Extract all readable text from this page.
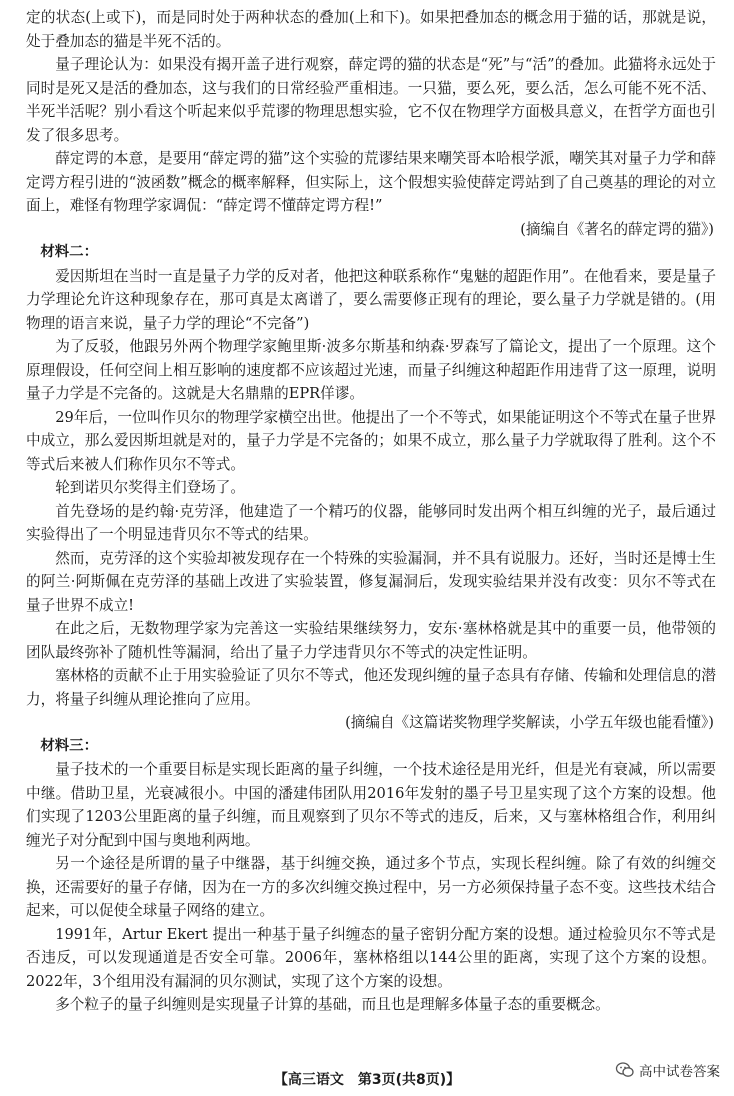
定的状态(上或下)，而是同时处于两种状态的叠加(上和下)。如果把叠加态的概念用于猫的话，那就是说，处于叠加态的猫是半死不活的。

量子理论认为：如果没有揭开盖子进行观察，薛定谔的猫的状态是“死”与“活”的叠加。此猫将永远处于同时是死又是活的叠加态，这与我们的日常经验严重相违。一只猫，要么死，要么活，怎么可能不死不活、半死半活呢？别小看这个听起来似乎荒谬的物理思想实验，它不仅在物理学方面极具意义，在哲学方面也引发了很多思考。

薛定谔的本意，是要用“薛定谔的猫”这个实验的荒谬结果来嘲笑哥本哈根学派，嘲笑其对量子力学和薛定谔方程引进的“波函数”概念的概率解释，但实际上，这个假想实验使薛定谔站到了自己奠基的理论的对立面上，难怪有物理学家调侃：“薛定谔不懂薛定谔方程!”

(摘编自《著名的薛定谔的猫》)

材料二：

爱因斯坦在当时一直是量子力学的反对者，他把这种联系称作“鬼魅的超距作用”。在他看来，要是量子力学理论允许这种现象存在，那可真是太离谱了，要么需要修正现有的理论，要么量子力学就是错的。(用物理的语言来说，量子力学的理论“不完备”)

为了反驳，他跟另外两个物理学家鲍里斯·波多尔斯基和纳森·罗森写了篇论文，提出了一个原理。这个原理假设，任何空间上相互影响的速度都不应该超过光速，而量子纠缠这种超距作用违背了这一原理，说明量子力学是不完备的。这就是大名鼎鼎的EPR佯谬。

29年后，一位叫作贝尔的物理学家横空出世。他提出了一个不等式，如果能证明这个不等式在量子世界中成立，那么爱因斯坦就是对的，量子力学是不完备的；如果不成立，那么量子力学就取得了胜利。这个不等式后来被人们称作贝尔不等式。

轮到诺贝尔奖得主们登场了。

首先登场的是约翰·克劳泽，他建造了一个精巧的仪器，能够同时发出两个相互纠缠的光子，最后通过实验得出了一个明显违背贝尔不等式的结果。

然而，克劳泽的这个实验却被发现存在一个特殊的实验漏洞，并不具有说服力。还好，当时还是博士生的阿兰·阿斯佩在克劳泽的基础上改进了实验装置，修复漏洞后，发现实验结果并没有改变：贝尔不等式在量子世界不成立!

在此之后，无数物理学家为完善这一实验结果继续努力，安东·塞林格就是其中的重要一员，他带领的团队最终弥补了随机性等漏洞，给出了量子力学违背贝尔不等式的决定性证明。

塞林格的贡献不止于用实验验证了贝尔不等式，他还发现纠缠的量子态具有存储、传输和处理信息的潜力，将量子纠缠从理论推向了应用。

(摘编自《这篇诺奖物理学奖解读，小学五年级也能看懂》)

材料三：

量子技术的一个重要目标是实现长距离的量子纠缠，一个技术途径是用光纤，但是光有衰减，所以需要中继。借助卫星，光衰减很小。中国的潘建伟团队用2016年发射的墨子号卫星实现了这个方案的设想。他们实现了1203公里距离的量子纠缠，而且观察到了贝尔不等式的违反，后来，又与塞林格组合作，利用纠缠光子对分配到中国与奥地利两地。

另一个途径是所谓的量子中继器，基于纠缠交换，通过多个节点，实现长程纠缠。除了有效的纠缠交换，还需要好的量子存储，因为在一方的多次纠缠交换过程中，另一方必须保持量子态不变。这些技术结合起来，可以促使全球量子网络的建立。

1991年，Artur Ekert 提出一种基于量子纠缠态的量子密钥分配方案的设想。通过检验贝尔不等式是否违反，可以发现通道是否安全可靠。2006年，塞林格组以144公里的距离，实现了这个方案的设想。2022年，3个组用没有漏洞的贝尔测试，实现了这个方案的设想。

多个粒子的量子纠缠则是实现量子计算的基础，而且也是理解多体量子态的重要概念。

【高三语文　第3页(共8页)】	高中试卷答案
